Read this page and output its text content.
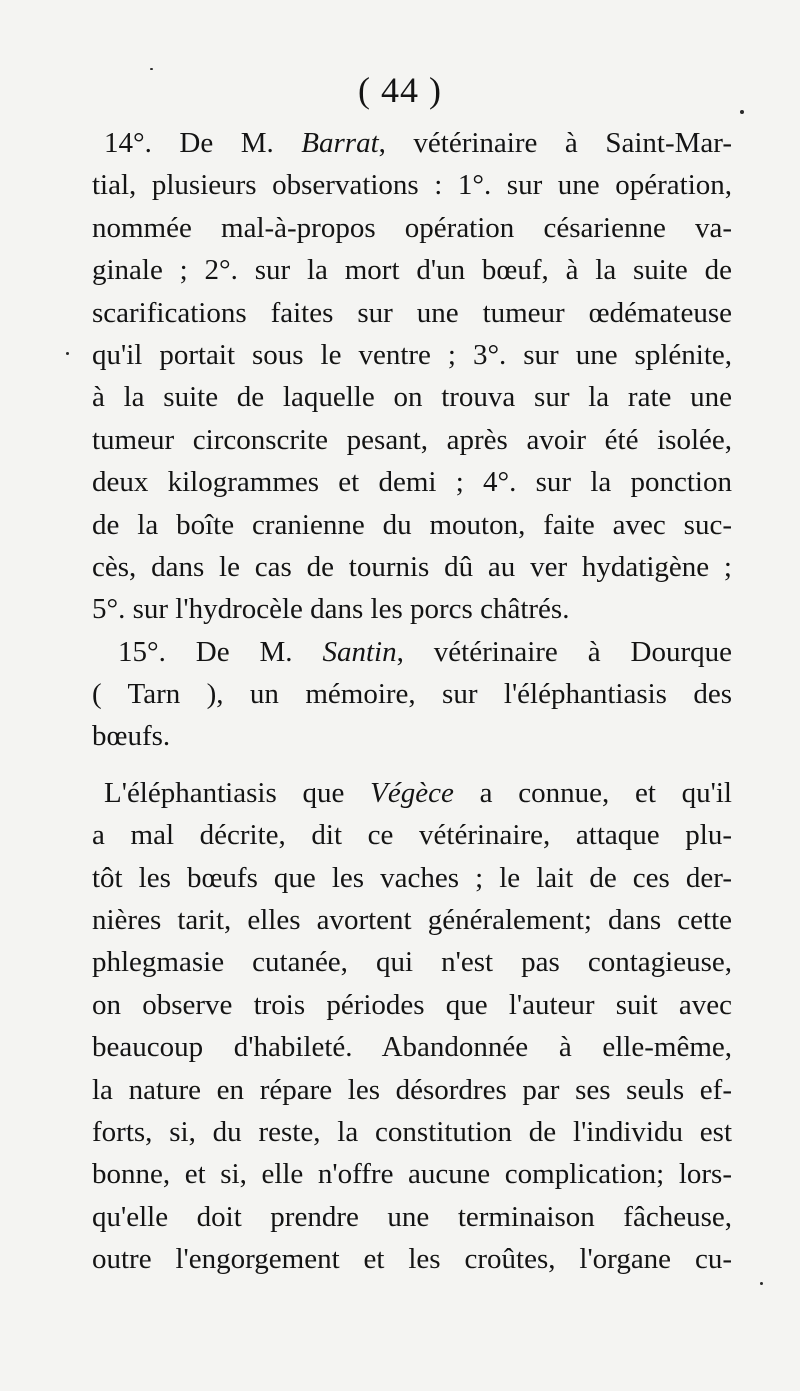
( 44 )
14°. De M. Barrat, vétérinaire à Saint-Mar-
tial, plusieurs observations : 1°. sur une opération,
nommée mal-à-propos opération césarienne va-
ginale ; 2°. sur la mort d'un bœuf, à la suite de
scarifications faites sur une tumeur œdémateuse
qu'il portait sous le ventre ; 3°. sur une splénite,
à la suite de laquelle on trouva sur la rate une
tumeur circonscrite pesant, après avoir été isolée,
deux kilogrammes et demi ; 4°. sur la ponction
de la boîte cranienne du mouton, faite avec suc-
cès, dans le cas de tournis dû au ver hydatigène ;
5°. sur l'hydrocèle dans les porcs châtrés.
15°. De M. Santin, vétérinaire à Dourque
( Tarn ), un mémoire, sur l'éléphantiasis des
bœufs.
L'éléphantiasis que Végèce a connue, et qu'il
a mal décrite, dit ce vétérinaire, attaque plu-
tôt les bœufs que les vaches ; le lait de ces der-
nières tarit, elles avortent généralement; dans cette
phlegmasie cutanée, qui n'est pas contagieuse,
on observe trois périodes que l'auteur suit avec
beaucoup d'habileté. Abandonnée à elle-même,
la nature en répare les désordres par ses seuls ef-
forts, si, du reste, la constitution de l'individu est
bonne, et si, elle n'offre aucune complication; lors-
qu'elle doit prendre une terminaison fâcheuse,
outre l'engorgement et les croûtes, l'organe cu-
